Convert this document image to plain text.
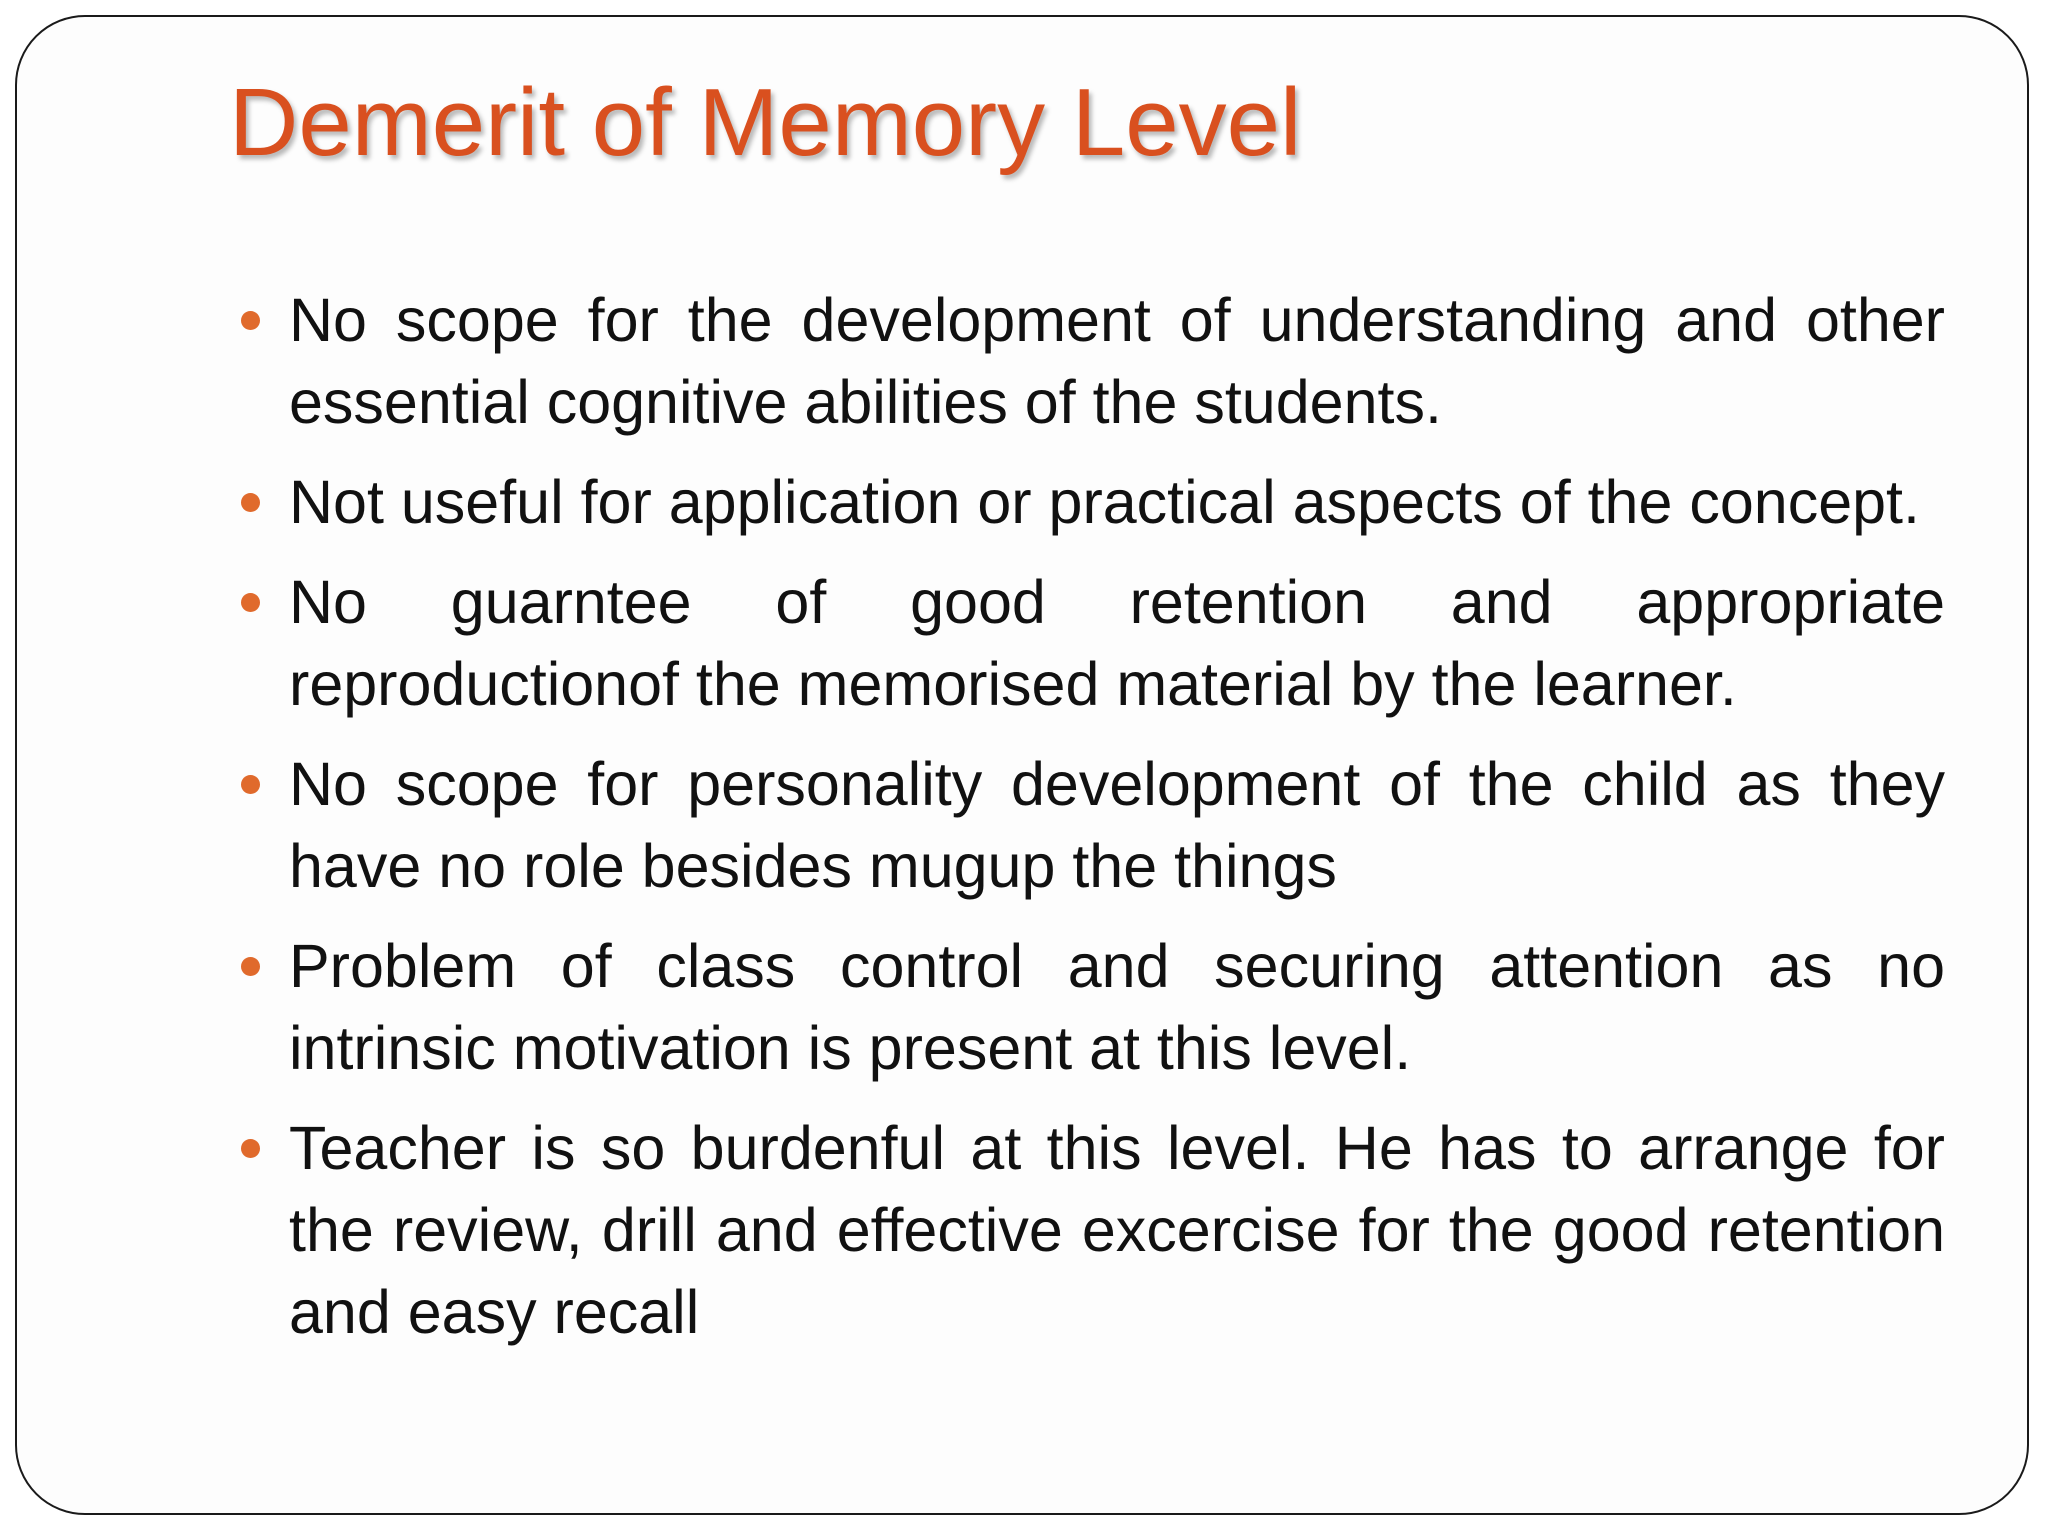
Demerit of Memory Level
No scope for the development of understanding and other essential cognitive abilities of the students.
Not useful for application or practical aspects of the concept.
No guarntee of good retention and appropriate reproductionof the memorised material by the learner.
No scope for personality development of the child as they have no role besides mugup the things
Problem of class control and securing attention as no intrinsic motivation is present at this level.
Teacher is so burdenful at this level. He has to arrange for the review, drill and effective excercise for the good retention and easy recall
